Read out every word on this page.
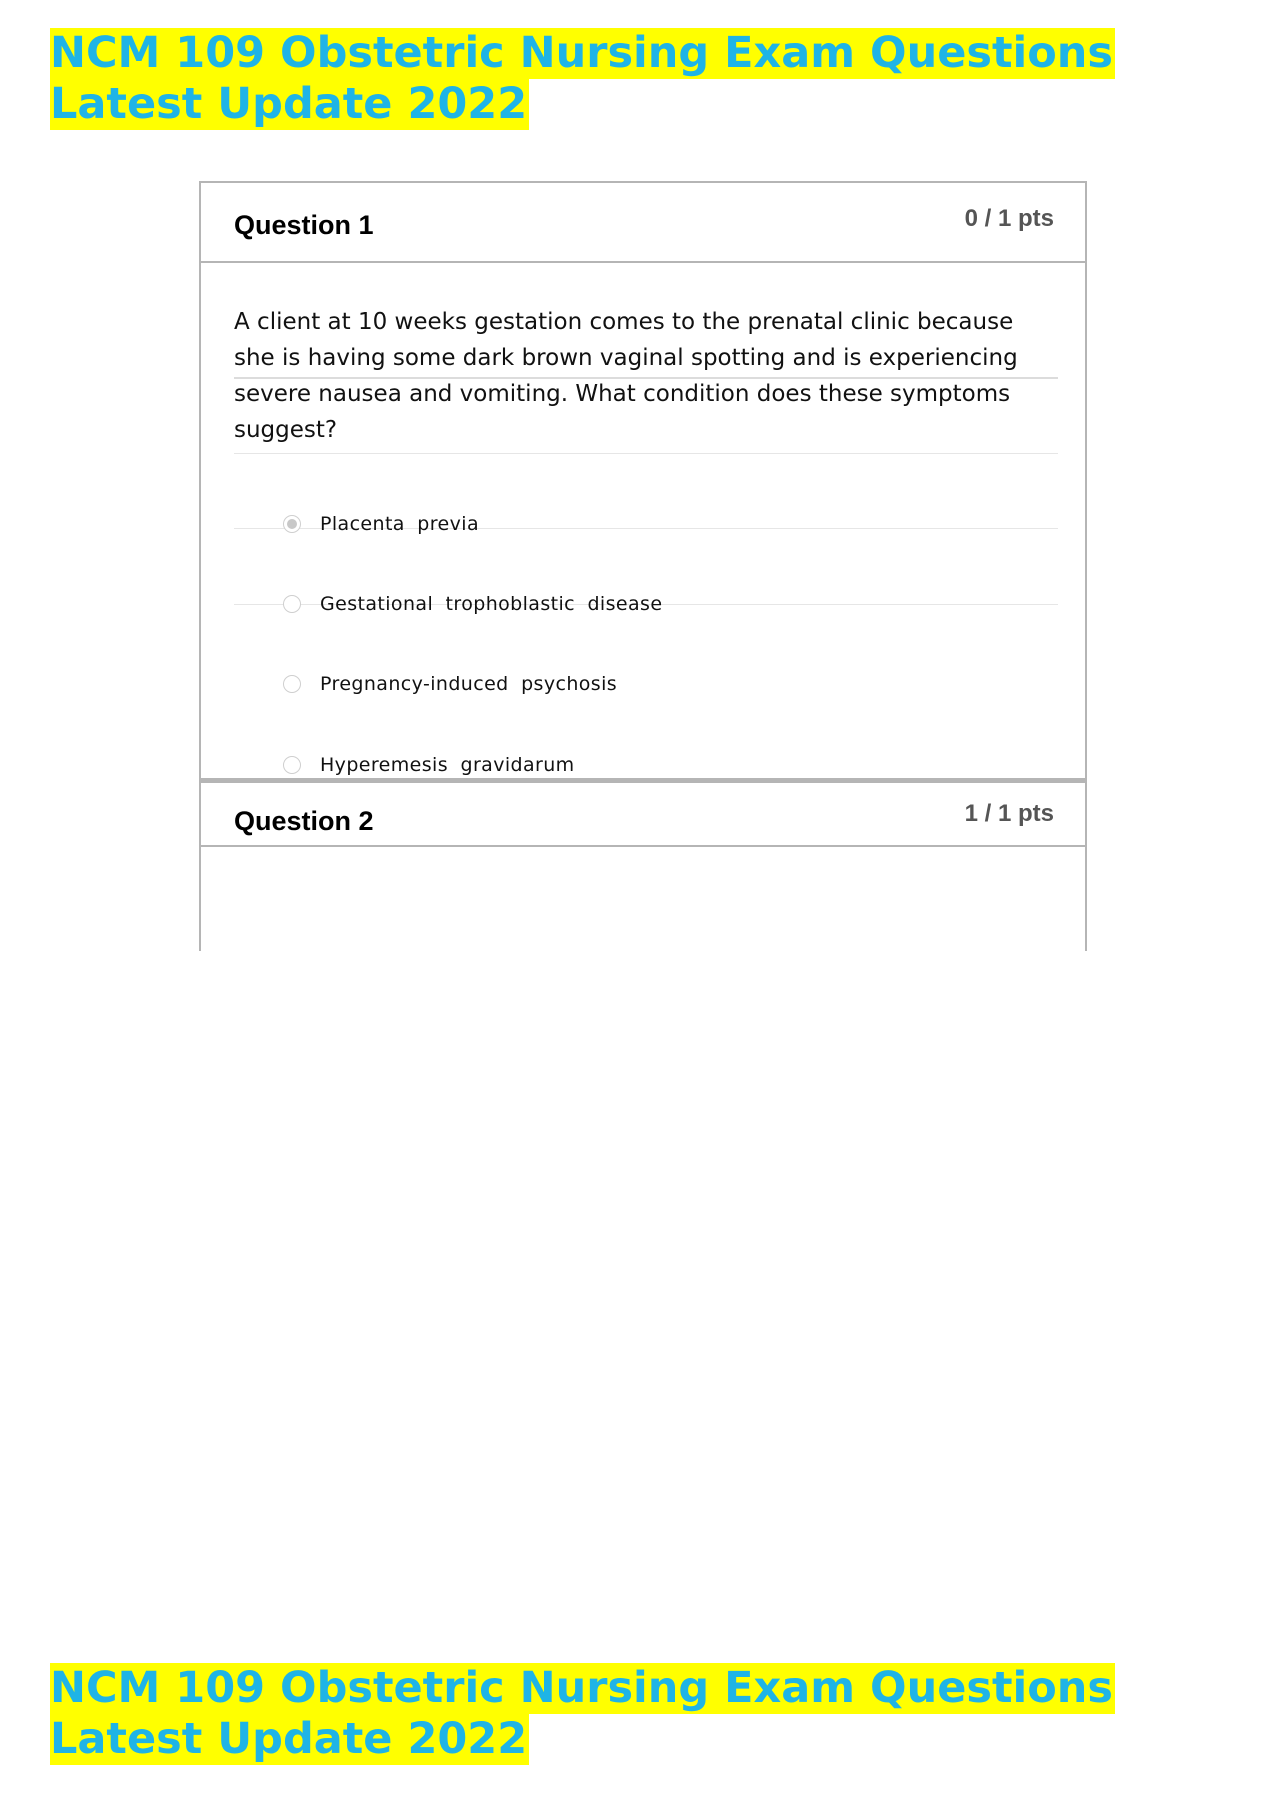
NCM 109 Obstetric Nursing Exam Questions
Latest Update 2022
Question 1	0 / 1 pts
A client at 10 weeks gestation comes to the prenatal clinic because she is having some dark brown vaginal spotting and is experiencing severe nausea and vomiting. What condition does these symptoms suggest?
Placenta previa
Gestational trophoblastic disease
Pregnancy-induced psychosis
Hyperemesis gravidarum
Question 2	1 / 1 pts
NCM 109 Obstetric Nursing Exam Questions
Latest Update 2022
